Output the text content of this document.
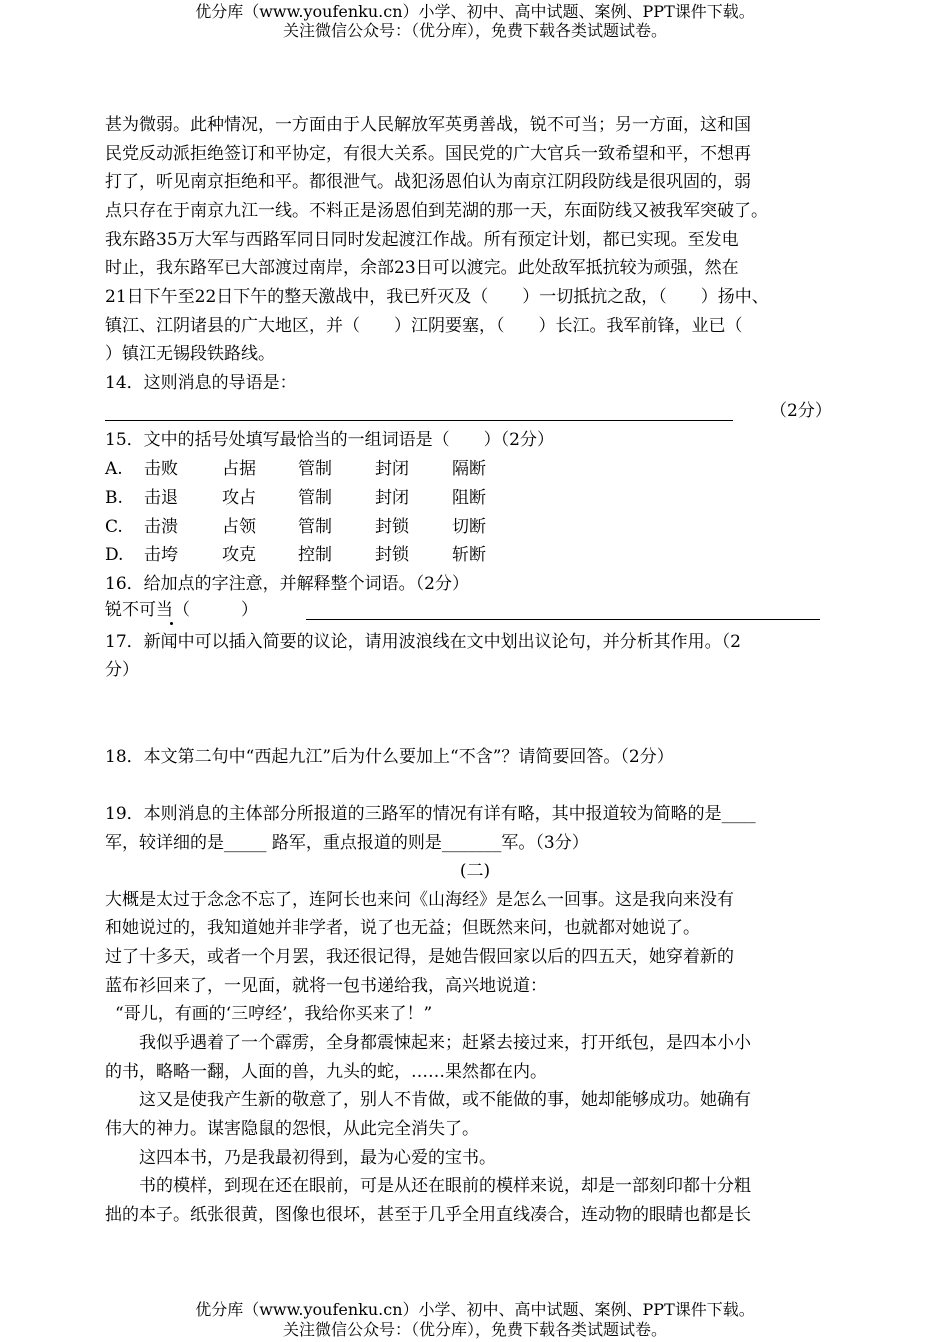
优分库（www.youfenku.cn）小学、初中、高中试题、案例、PPT课件下载。
关注微信公众号：（优分库），免费下载各类试题试卷。
甚为微弱。此种情况，一方面由于人民解放军英勇善战，锐不可当；另一方面，这和国
民党反动派拒绝签订和平协定，有很大关系。国民党的广大官兵一致希望和平，不想再
打了，听见南京拒绝和平。都很泄气。战犯汤恩伯认为南京江阴段防线是很巩固的，弱
点只存在于南京九江一线。不料正是汤恩伯到芜湖的那一天，东面防线又被我军突破了。
我东路35万大军与西路军同日同时发起渡江作战。所有预定计划，都已实现。至发电
时止，我东路军已大部渡过南岸，余部23日可以渡完。此处敌军抵抗较为顽强，然在
21日下午至22日下午的整天激战中，我已歼灭及（　　）一切抵抗之敌，（　　）扬中、
镇江、江阴诸县的广大地区，并（　　）江阴要塞，（　　）长江。我军前锋，业已（
）镇江无锡段铁路线。
14．这则消息的导语是：
（2分）
15．文中的括号处填写最恰当的一组词语是（　　）（2分）
A. 击败	占据 管制	封闭	隔断
B. 击退	攻占 管制	封闭	阻断
C. 击溃	占领 管制	封锁	切断
D. 击垮	攻克 控制	封锁	斩断
16．给加点的字注意，并解释整个词语。（2分）
锐不可当（　　　）
17．新闻中可以插入简要的议论，请用波浪线在文中划出议论句，并分析其作用。（2
分）
18．本文第二句中“西起九江”后为什么要加上“不含”？请简要回答。（2分）
19．本则消息的主体部分所报道的三路军的情况有详有略，其中报道较为简略的是____
军，较详细的是_____ 路军，重点报道的则是_______军。（3分）
(二)
大概是太过于念念不忘了，连阿长也来问《山海经》是怎么一回事。这是我向来没有
和她说过的，我知道她并非学者，说了也无益；但既然来问，也就都对她说了。
过了十多天，或者一个月罢，我还很记得，是她告假回家以后的四五天，她穿着新的
蓝布衫回来了，一见面，就将一包书递给我，高兴地说道：
“哥儿，有画的‘三哼经’，我给你买来了！”
　　我似乎遇着了一个霹雳，全身都震悚起来；赶紧去接过来，打开纸包，是四本小小
的书，略略一翻，人面的兽，九头的蛇，……果然都在内。
　　这又是使我产生新的敬意了，别人不肯做，或不能做的事，她却能够成功。她确有
伟大的神力。谋害隐鼠的怨恨，从此完全消失了。
　　这四本书，乃是我最初得到，最为心爱的宝书。
　　书的模样，到现在还在眼前，可是从还在眼前的模样来说，却是一部刻印都十分粗
拙的本子。纸张很黄，图像也很坏，甚至于几乎全用直线凑合，连动物的眼睛也都是长
优分库（www.youfenku.cn）小学、初中、高中试题、案例、PPT课件下载。
关注微信公众号：（优分库），免费下载各类试题试卷。
